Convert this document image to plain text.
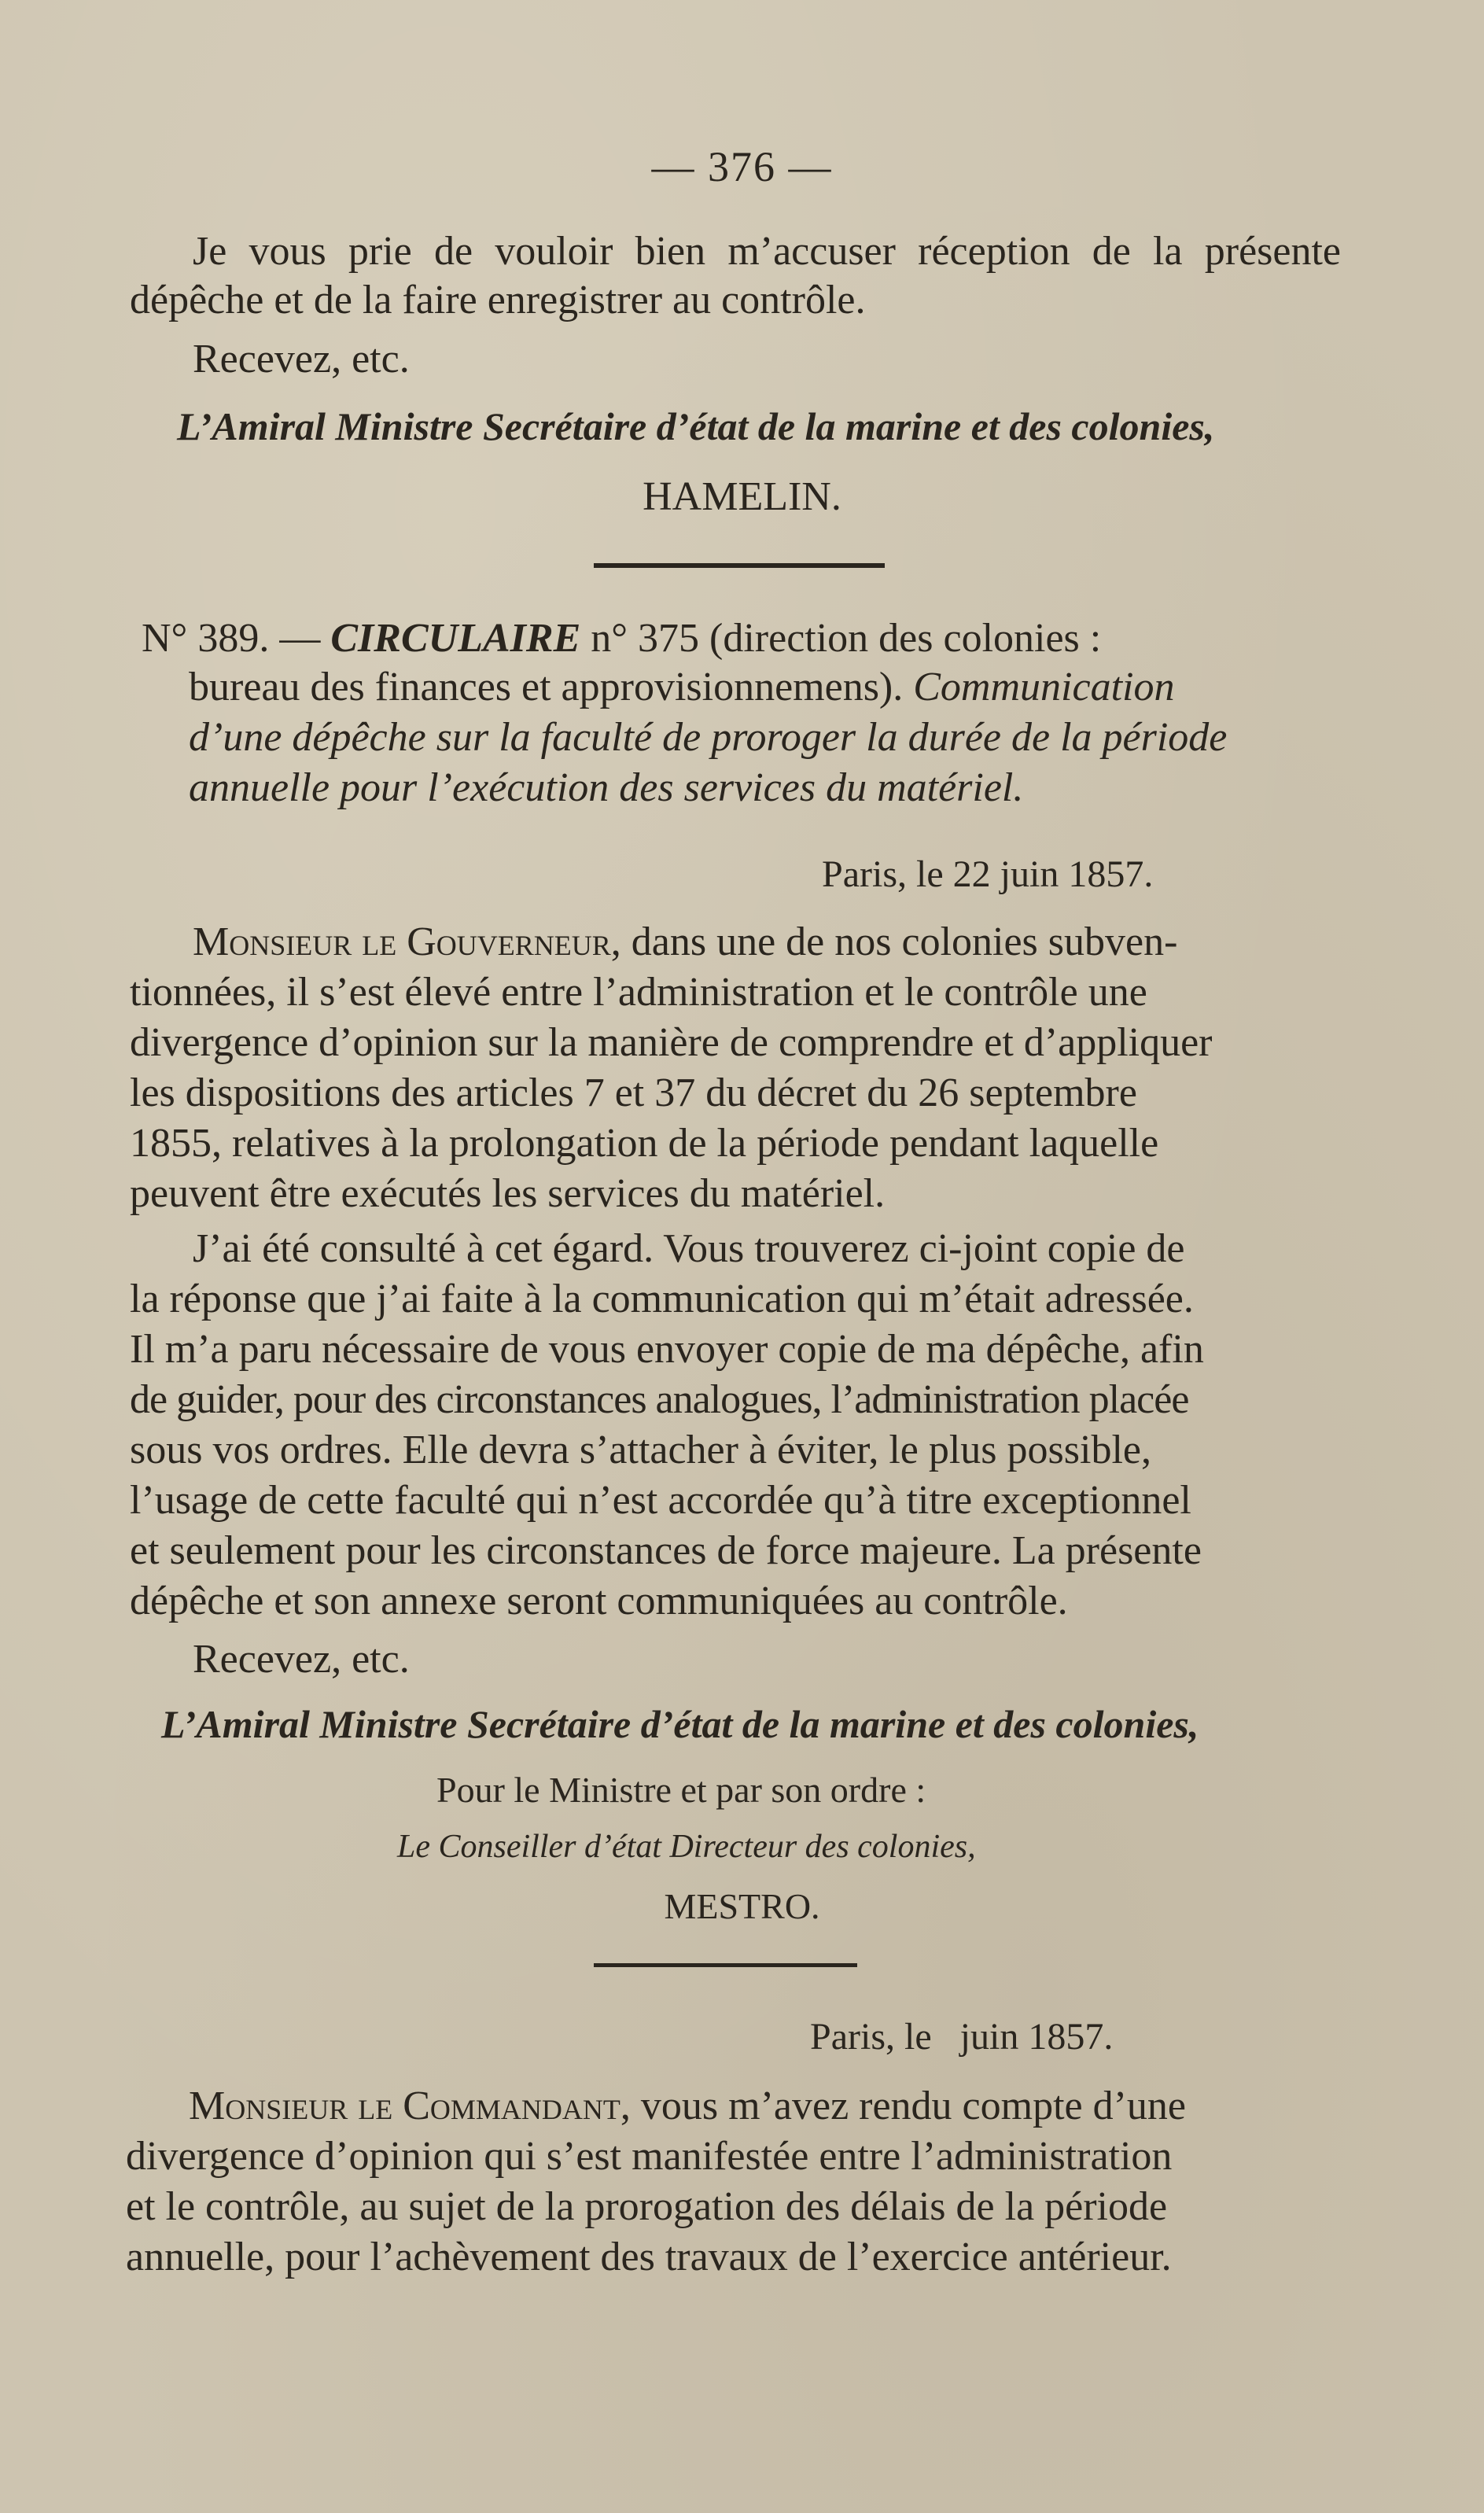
— 376 —
Je vous prie de vouloir bien m’accuser réception de la présente
dépêche et de la faire enregistrer au contrôle.
Recevez, etc.
L’Amiral Ministre Secrétaire d’état de la marine et des colonies,
HAMELIN.
N° 389. — CIRCULAIRE n° 375 (direction des colonies :
bureau des finances et approvisionnemens). Communication
d’une dépêche sur la faculté de proroger la durée de la période
annuelle pour l’exécution des services du matériel.
Paris, le 22 juin 1857.
Monsieur le Gouverneur, dans une de nos colonies subven-
tionnées, il s’est élevé entre l’administration et le contrôle une
divergence d’opinion sur la manière de comprendre et d’appliquer
les dispositions des articles 7 et 37 du décret du 26 septembre
1855, relatives à la prolongation de la période pendant laquelle
peuvent être exécutés les services du matériel.
J’ai été consulté à cet égard. Vous trouverez ci-joint copie de
la réponse que j’ai faite à la communication qui m’était adressée.
Il m’a paru nécessaire de vous envoyer copie de ma dépêche, afin
de guider, pour des circonstances analogues, l’administration placée
sous vos ordres. Elle devra s’attacher à éviter, le plus possible,
l’usage de cette faculté qui n’est accordée qu’à titre exceptionnel
et seulement pour les circonstances de force majeure. La présente
dépêche et son annexe seront communiquées au contrôle.
Recevez, etc.
L’Amiral Ministre Secrétaire d’état de la marine et des colonies,
Pour le Ministre et par son ordre :
Le Conseiller d’état Directeur des colonies,
MESTRO.
Paris, le   juin 1857.
Monsieur le Commandant, vous m’avez rendu compte d’une
divergence d’opinion qui s’est manifestée entre l’administration
et le contrôle, au sujet de la prorogation des délais de la période
annuelle, pour l’achèvement des travaux de l’exercice antérieur.
